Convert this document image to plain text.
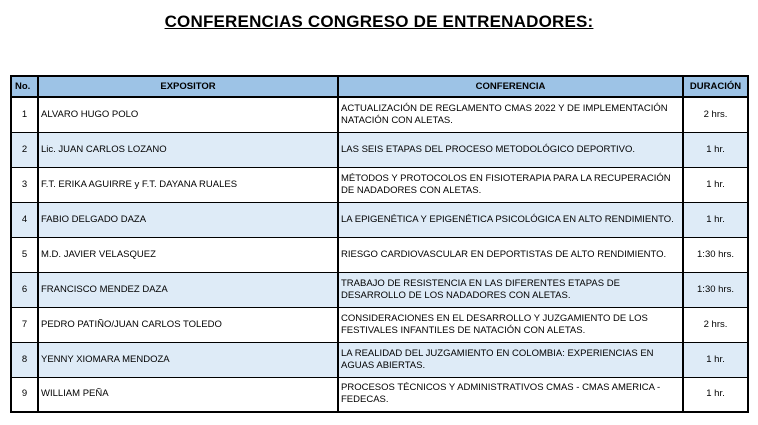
CONFERENCIAS CONGRESO DE ENTRENADORES:
No.	EXPOSITOR	CONFERENCIA	DURACIÓN
1	ALVARO HUGO POLO	ACTUALIZACIÓN DE REGLAMENTO CMAS 2022 Y DE IMPLEMENTACIÓN NATACIÓN CON ALETAS.	2 hrs.
2	Lic. JUAN CARLOS LOZANO	LAS SEIS ETAPAS DEL PROCESO METODOLÓGICO DEPORTIVO.	1 hr.
3	F.T. ERIKA AGUIRRE y F.T. DAYANA RUALES	MÉTODOS Y PROTOCOLOS EN FISIOTERAPIA PARA LA RECUPERACIÓN DE NADADORES CON ALETAS.	1 hr.
4	FABIO DELGADO DAZA	LA EPIGENÉTICA Y EPIGENÉTICA PSICOLÓGICA EN ALTO RENDIMIENTO.	1 hr.
5	M.D. JAVIER VELASQUEZ	RIESGO CARDIOVASCULAR EN DEPORTISTAS DE ALTO RENDIMIENTO.	1:30 hrs.
6	FRANCISCO MENDEZ DAZA	TRABAJO DE RESISTENCIA EN LAS DIFERENTES ETAPAS DE DESARROLLO DE LOS NADADORES CON ALETAS.	1:30 hrs.
7	PEDRO PATIÑO/JUAN CARLOS TOLEDO	CONSIDERACIONES EN EL DESARROLLO Y JUZGAMIENTO DE LOS FESTIVALES INFANTILES DE NATACIÓN CON ALETAS.	2 hrs.
8	YENNY XIOMARA MENDOZA	LA REALIDAD DEL JUZGAMIENTO EN COLOMBIA: EXPERIENCIAS EN AGUAS ABIERTAS.	1 hr.
9	WILLIAM PEÑA	PROCESOS TÉCNICOS Y ADMINISTRATIVOS CMAS - CMAS AMERICA - FEDECAS.	1 hr.
